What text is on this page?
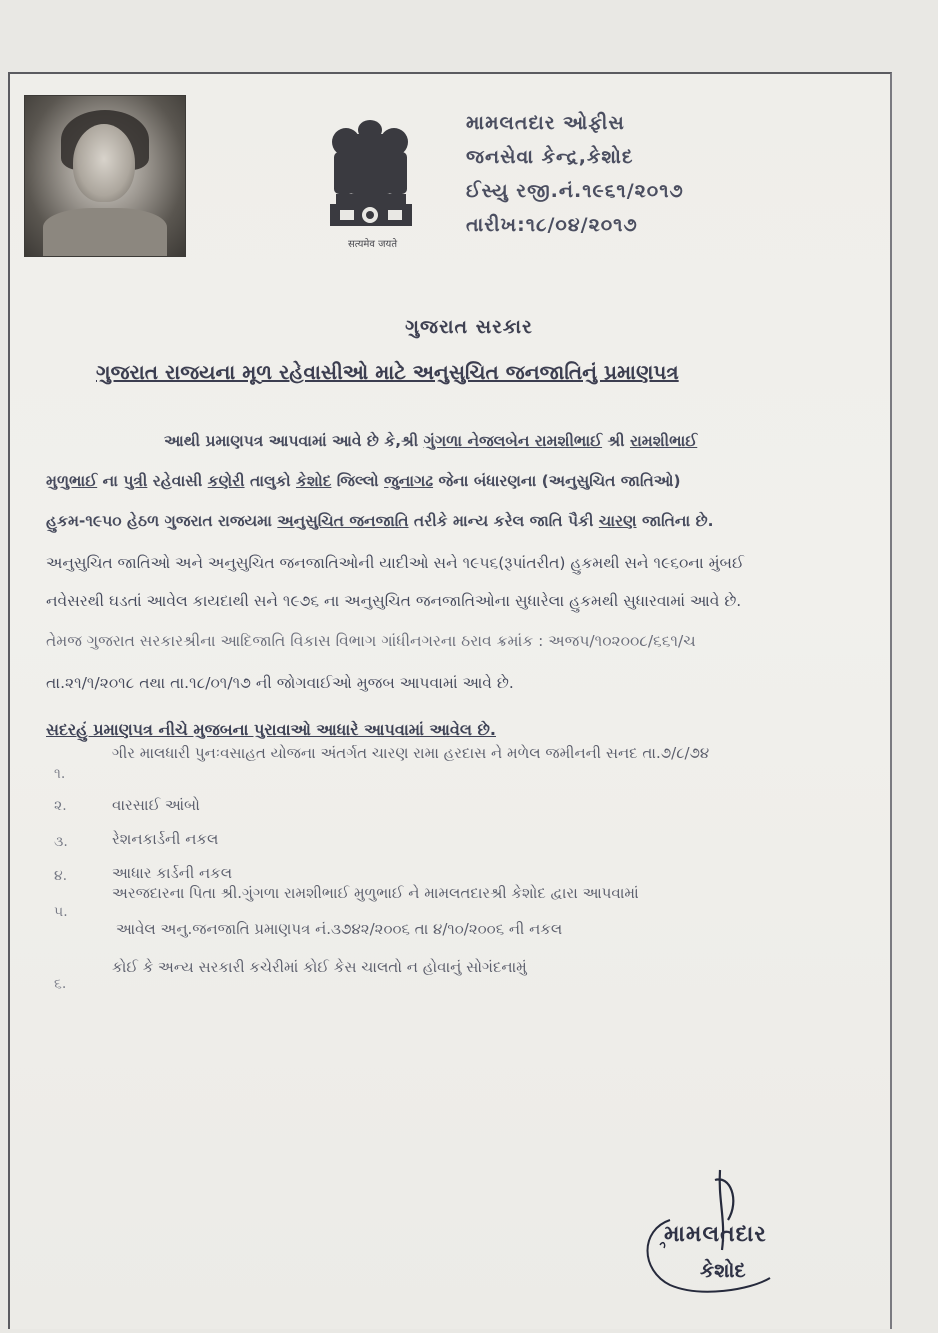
सत्यमेव जयते
મામલતદાર ઓફીસ
જનસેવા કેન્દ્ર,કેશોદ
ઈસ્યુ રજી.નં.૧૯૬૧/૨૦૧૭
તારીખ:૧૮/૦૪/૨૦૧૭
ગુજરાત સરકાર
ગુજરાત રાજયના મૂળ રહેવાસીઓ માટે અનુસુચિત જનજાતિનું પ્રમાણપત્ર
આથી પ્રમાણપત્ર આપવામાં આવે છે કે,શ્રી ગુંગળા નેજલબેન રામશીભાઈ શ્રી રામશીભાઈ
મુળુભાઈ ના પુત્રી રહેવાસી કણેરી તાલુકો કેશોદ જિલ્લો જુનાગઢ જેના બંધારણના (અનુસુચિત જાતિઓ)
હુકમ-૧૯૫૦ હેઠળ ગુજરાત રાજયમા અનુસુચિત જનજાતિ તરીકે માન્ય કરેલ જાતિ પૈકી ચારણ જાતિના છે.
અનુસુચિત જાતિઓ અને અનુસુચિત જનજાતિઓની યાદીઓ સને ૧૯૫૬(રૂપાંતરીત) હુકમથી સને ૧૯૬૦ના મુંબઈ
નવેસરથી ઘડતાં આવેલ કાયદાથી સને ૧૯૭૬ ના અનુસુચિત જનજાતિઓના સુધારેલા હુકમથી સુધારવામાં આવે છે.
તેમજ ગુજરાત સરકારશ્રીના આદિજાતિ વિકાસ વિભાગ ગાંધીનગરના ઠરાવ ક્રમાંક : અજપ/૧૦૨૦૦૮/૬૬૧/ચ
તા.૨૧/૧/૨૦૧૮ તથા તા.૧૮/૦૧/૧૭ ની જોગવાઈઓ મુજબ આપવામાં આવે છે.
સદરહું પ્રમાણપત્ર નીચે મુજબના પુરાવાઓ આધારે આપવામાં આવેલ છે.
૧.
ગીર માલધારી પુનઃવસાહત યોજના અંતર્ગત ચારણ રામા હરદાસ ને મળેલ જમીનની સનદ તા.૭/૮/૭૪
૨.	વારસાઈ આંબો
૩.	રેશનકાર્ડની નકલ
૪.	આધાર કાર્ડની નકલ
૫.
અરજદારના પિતા શ્રી.ગુંગળા રામશીભાઈ મુળુભાઈ ને મામલતદારશ્રી કેશોદ દ્વારા આપવામાં
આવેલ અનુ.જનજાતિ પ્રમાણપત્ર નં.૩૭૪૨/૨૦૦૬ તા ૪/૧૦/૨૦૦૬ ની નકલ
૬.
કોઈ કે અન્ય સરકારી કચેરીમાં કોઈ કેસ ચાલતો ન હોવાનું સોગંદનામું
મામલતદાર
કેશોદ
